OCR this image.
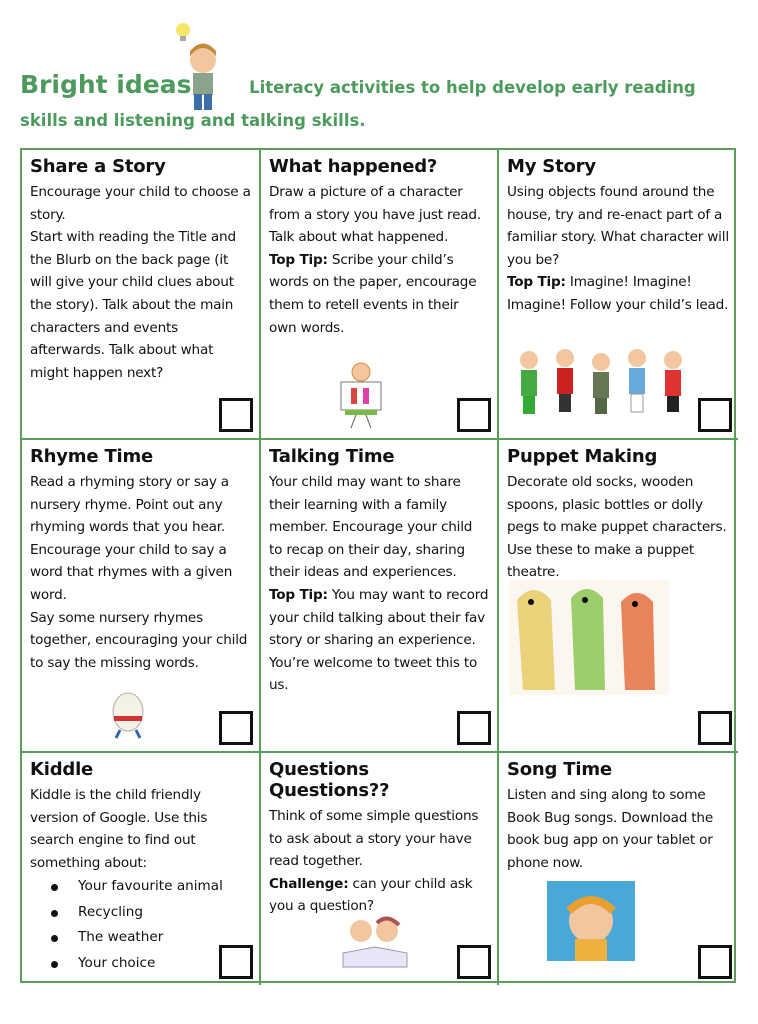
Bright ideas	Literacy activities to help develop early reading
skills and listening and talking skills.
Share a Story
Encourage your child to choose a story.
Start with reading the Title and the Blurb on the back page (it will give your child clues about the story). Talk about the main characters and events afterwards. Talk about what might happen next?
What happened?
Draw a picture of a character from a story you have just read. Talk about what happened.
Top Tip: Scribe your child’s words on the paper, encourage them to retell events in their own words.
My Story
Using objects found around the house, try and re-enact part of a familiar story. What character will you be?
Top Tip: Imagine! Imagine! Imagine! Follow your child’s lead.
Rhyme Time
Read a rhyming story or say a nursery rhyme. Point out any rhyming words that you hear.
Encourage your child to say a word that rhymes with a given word.
Say some nursery rhymes together, encouraging your child to say the missing words.
Talking Time
Your child may want to share their learning with a family member. Encourage your child to recap on their day, sharing their ideas and experiences.
Top Tip: You may want to record your child talking about their fav story or sharing an experience. You’re welcome to tweet this to us.
Puppet Making
Decorate old socks, wooden spoons, plasic bottles or dolly pegs to make puppet characters. Use these to make a puppet theatre.
Kiddle
Kiddle is the child friendly version of Google. Use this search engine to find out something about:
Your favourite animal
Recycling
The weather
Your choice
Questions Questions??
Think of some simple questions to ask about a story your have read together.
Challenge: can your child ask you a question?
Song Time
Listen and sing along to some Book Bug songs. Download the book bug app on your tablet or phone now.
